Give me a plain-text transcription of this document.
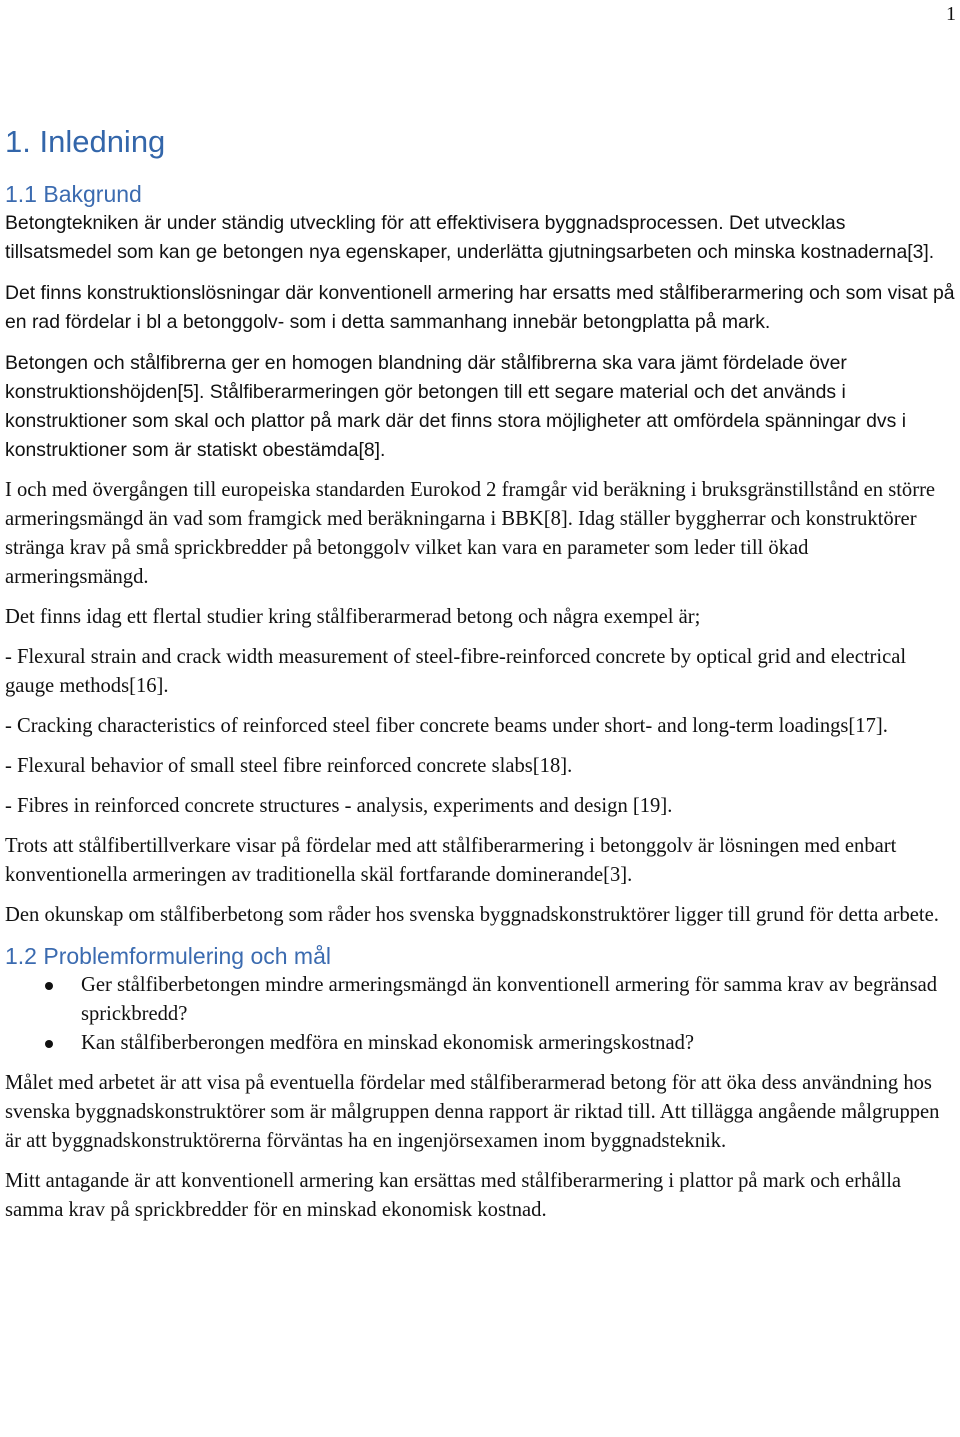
1
1. Inledning
1.1 Bakgrund

Betongtekniken är under ständig utveckling för att effektivisera byggnadsprocessen. Det utvecklas tillsatsmedel som kan ge betongen nya egenskaper, underlätta gjutningsarbeten och minska kostnaderna[3].

Det finns konstruktionslösningar där konventionell armering har ersatts med stålfiberarmering och som visat på en rad fördelar i bl a betonggolv- som i detta sammanhang innebär betongplatta på mark.

Betongen och stålfibrerna ger en homogen blandning där stålfibrerna ska vara jämt fördelade över konstruktionshöjden[5]. Stålfiberarmeringen gör betongen till ett segare material och det används i konstruktioner som skal och plattor på mark där det finns stora möjligheter att omfördela spänningar dvs i konstruktioner som är statiskt obestämda[8].

I och med övergången till europeiska standarden Eurokod 2 framgår vid beräkning i bruksgränstillstånd en större armeringsmängd än vad som framgick med beräkningarna i BBK[8]. Idag ställer byggherrar och konstruktörer stränga krav på små sprickbredder på betonggolv vilket kan vara en parameter som leder till ökad armeringsmängd.

Det finns idag ett flertal studier kring stålfiberarmerad betong och några exempel är;

- Flexural strain and crack width measurement of steel-fibre-reinforced concrete by optical grid and electrical gauge methods[16].

- Cracking characteristics of reinforced steel fiber concrete beams under short- and long-term loadings[17].

- Flexural behavior of small steel fibre reinforced concrete slabs[18].

- Fibres in reinforced concrete structures - analysis, experiments and design [19].

Trots att stålfibertillverkare visar på fördelar med att stålfiberarmering i betonggolv är lösningen med enbart konventionella armeringen av traditionella skäl fortfarande dominerande[3].

Den okunskap om stålfiberbetong som råder hos svenska byggnadskonstruktörer ligger till grund för detta arbete.

1.2 Problemformulering och mål
Ger stålfiberbetongen mindre armeringsmängd än konventionell armering för samma krav av begränsad sprickbredd?
Kan stålfiberberongen medföra en minskad ekonomisk armeringskostnad?

Målet med arbetet är att visa på eventuella fördelar med stålfiberarmerad betong för att öka dess användning hos svenska byggnadskonstruktörer som är målgruppen denna rapport är riktad till. Att tillägga angående målgruppen är att byggnadskonstruktörerna förväntas ha en ingenjörsexamen inom byggnadsteknik.

Mitt antagande är att konventionell armering kan ersättas med stålfiberarmering i plattor på mark och erhålla samma krav på sprickbredder för en minskad ekonomisk kostnad.
